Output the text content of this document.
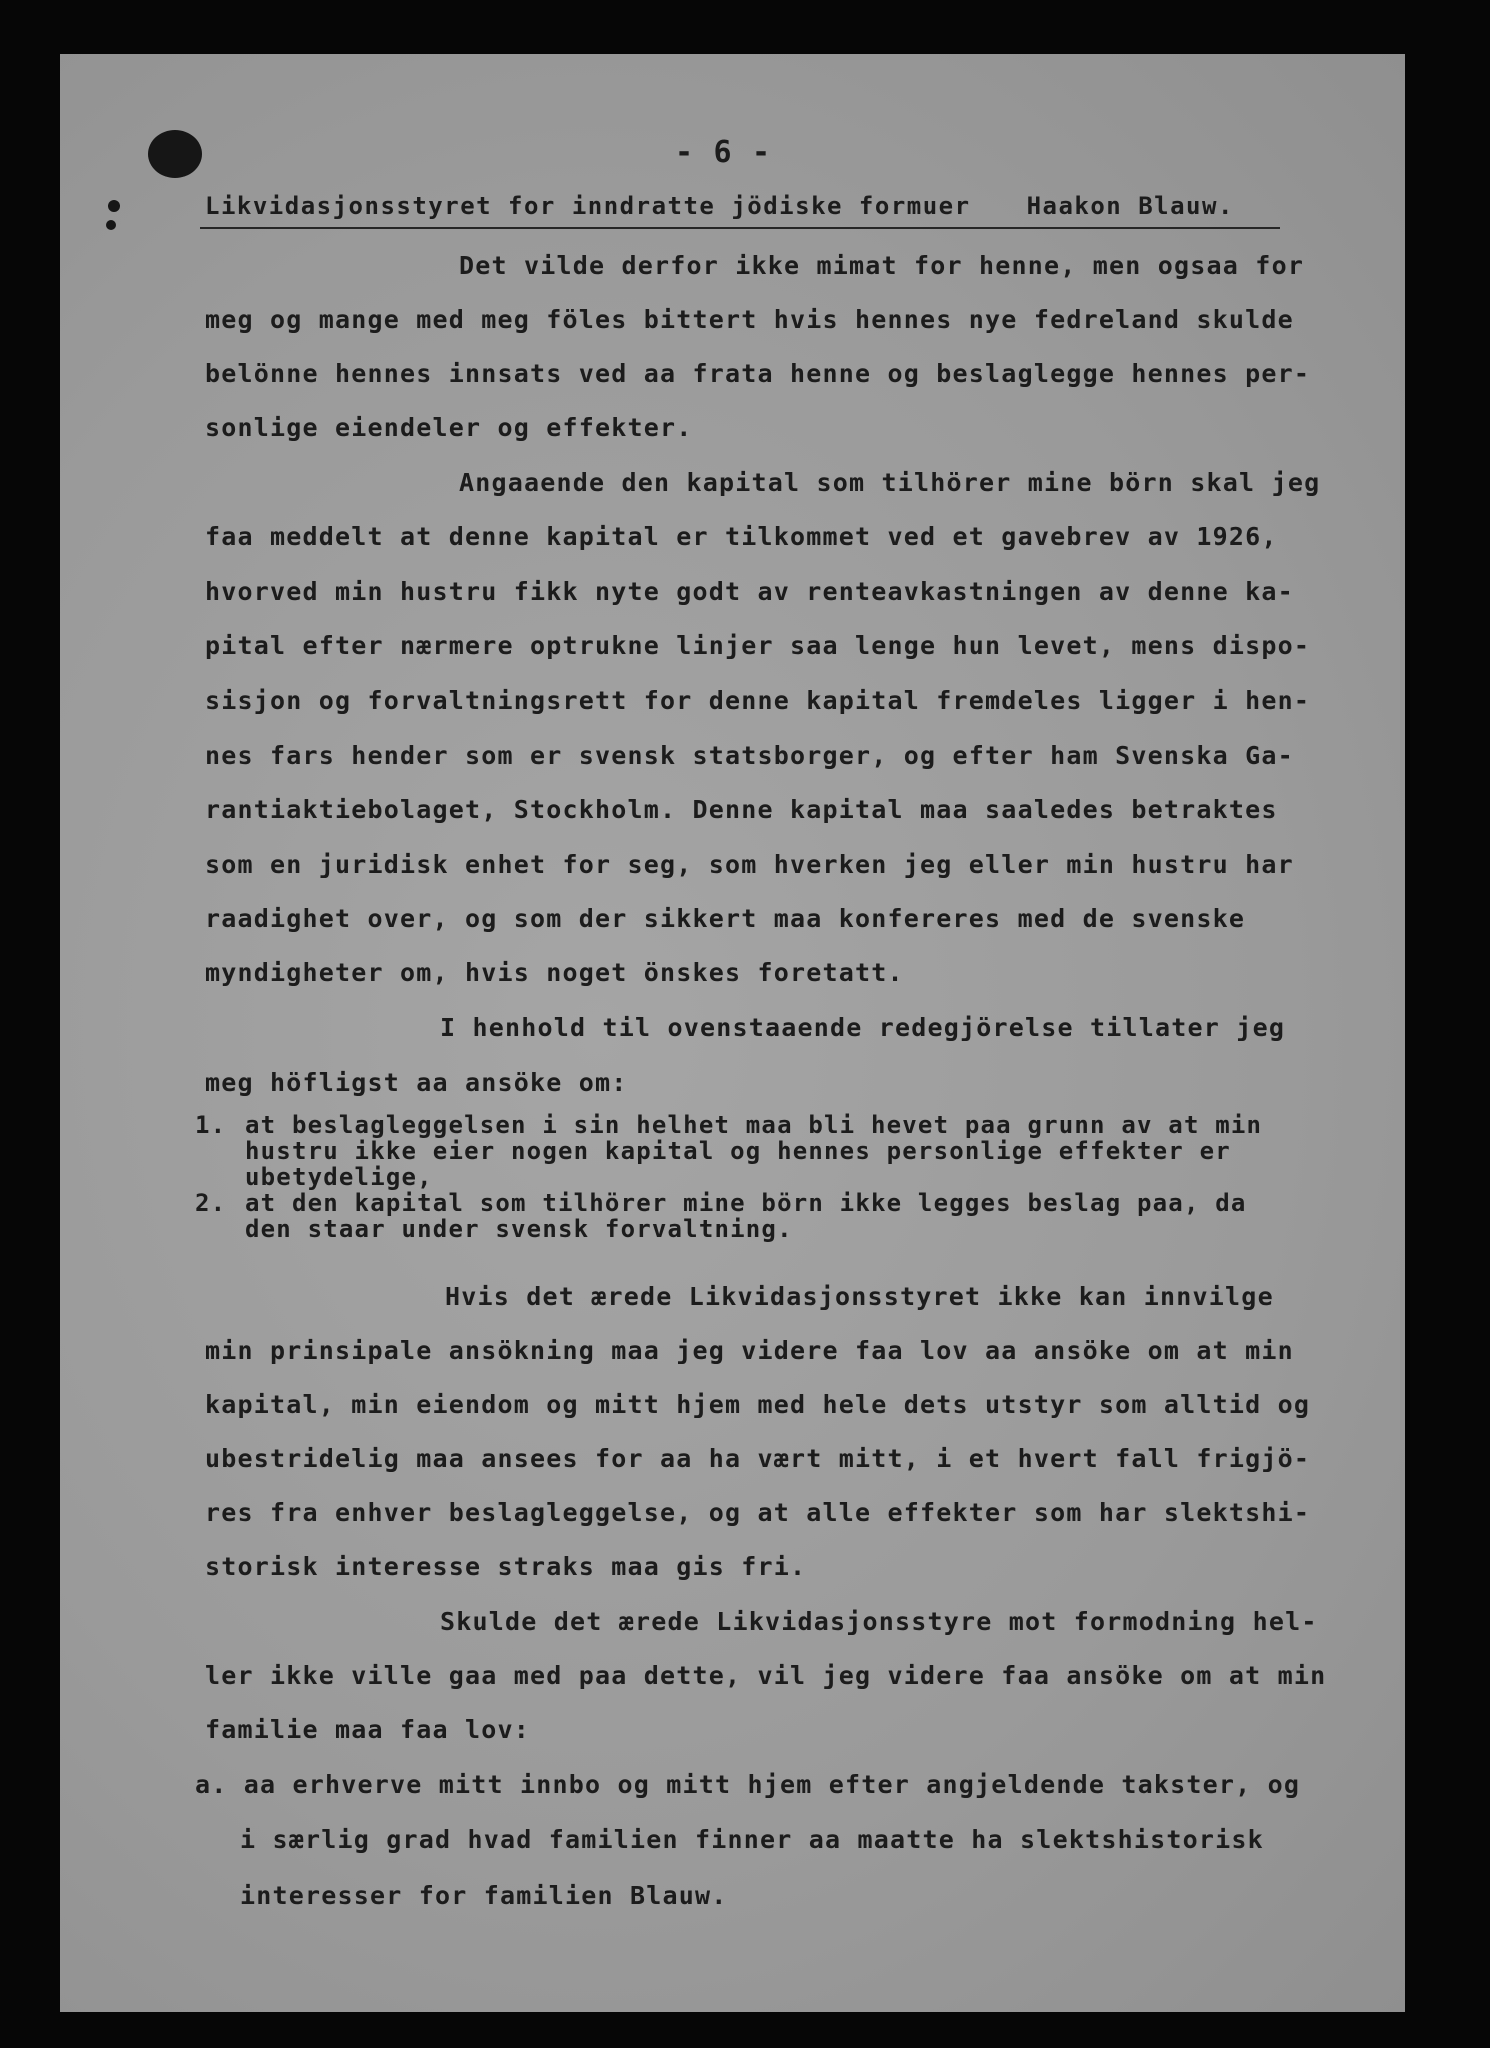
- 6 -

Likvidasjonsstyret for inndratte jödiske formuer Haakon Blauw.

Det vilde derfor ikke mimat for henne, men ogsaa for

meg og mange med meg föles bittert hvis hennes nye fedreland skulde

belönne hennes innsats ved aa frata henne og beslaglegge hennes per-

sonlige eiendeler og effekter.

Angaaende den kapital som tilhörer mine börn skal jeg

faa meddelt at denne kapital er tilkommet ved et gavebrev av 1926,

hvorved min hustru fikk nyte godt av renteavkastningen av denne ka-

pital efter nærmere optrukne linjer saa lenge hun levet, mens dispo-

sisjon og forvaltningsrett for denne kapital fremdeles ligger i hen-

nes fars hender som er svensk statsborger, og efter ham Svenska Ga-

rantiaktiebolaget, Stockholm. Denne kapital maa saaledes betraktes

som en juridisk enhet for seg, som hverken jeg eller min hustru har

raadighet over, og som der sikkert maa konfereres med de svenske

myndigheter om, hvis noget önskes foretatt.

I henhold til ovenstaaende redegjörelse tillater jeg

meg höfligst aa ansöke om:

1. at beslagleggelsen i sin helhet maa bli hevet paa grunn av at min

hustru ikke eier nogen kapital og hennes personlige effekter er

ubetydelige,

2. at den kapital som tilhörer mine börn ikke legges beslag paa, da

den staar under svensk forvaltning.

Hvis det ærede Likvidasjonsstyret ikke kan innvilge

min prinsipale ansökning maa jeg videre faa lov aa ansöke om at min

kapital, min eiendom og mitt hjem med hele dets utstyr som alltid og

ubestridelig maa ansees for aa ha vært mitt, i et hvert fall frigjö-

res fra enhver beslagleggelse, og at alle effekter som har slektshi-

storisk interesse straks maa gis fri.

Skulde det ærede Likvidasjonsstyre mot formodning hel-

ler ikke ville gaa med paa dette, vil jeg videre faa ansöke om at min

familie maa faa lov:

a. aa erhverve mitt innbo og mitt hjem efter angjeldende takster, og

i særlig grad hvad familien finner aa maatte ha slektshistorisk

interesser for familien Blauw.
